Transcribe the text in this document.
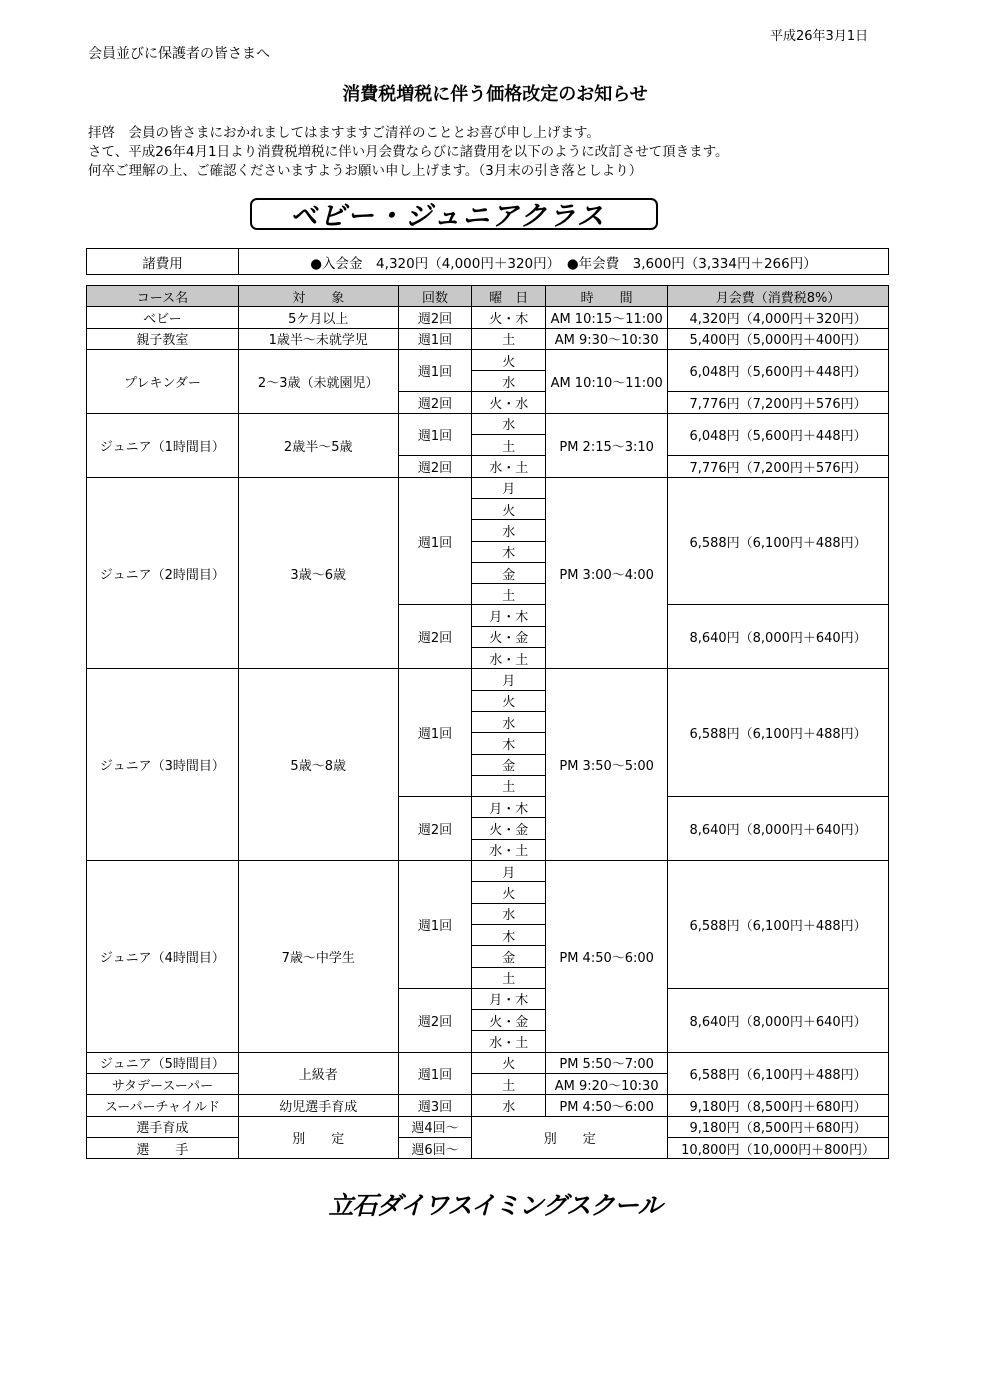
平成26年3月1日
会員並びに保護者の皆さまへ
消費税増税に伴う価格改定のお知らせ
拝啓　会員の皆さまにおかれましてはますますご清祥のこととお喜び申し上げます。
さて、平成26年4月1日より消費税増税に伴い月会費ならびに諸費用を以下のように改訂させて頂きます。
何卒ご理解の上、ご確認くださいますようお願い申し上げます。（3月末の引き落としより）
ベビー・ジュニアクラス
諸費用	●入会金　4,320円（4,000円＋320円）　●年会費　3,600円（3,334円＋266円）
コース名	対　　象	回数	曜　日	時　　間	月会費（消費税8%）
ベビー	5ケ月以上	週2回	火・木	AM 10:15～11:00	4,320円（4,000円＋320円）
親子教室	1歳半～未就学児	週1回	土	AM 9:30～10:30	5,400円（5,000円＋400円）
プレキンダー	2～3歳（未就園児）	週1回	火	AM 10:10～11:00	6,048円（5,600円＋448円）
			水		
		週2回	火・水		7,776円（7,200円＋576円）
ジュニア（1時間目）	2歳半～5歳	週1回	水	PM 2:15～3:10	6,048円（5,600円＋448円）
			土		
		週2回	水・土		7,776円（7,200円＋576円）
ジュニア（2時間目）	3歳～6歳	週1回	月	PM 3:00～4:00	6,588円（6,100円＋488円）
			火		
			水		
			木		
			金		
			土		
		週2回	月・木		8,640円（8,000円＋640円）
			火・金		
			水・土		
ジュニア（3時間目）	5歳～8歳	週1回	月	PM 3:50～5:00	6,588円（6,100円＋488円）
			火		
			水		
			木		
			金		
			土		
		週2回	月・木		8,640円（8,000円＋640円）
			火・金		
			水・土		
ジュニア（4時間目）	7歳～中学生	週1回	月	PM 4:50～6:00	6,588円（6,100円＋488円）
			火		
			水		
			木		
			金		
			土		
		週2回	月・木		8,640円（8,000円＋640円）
			火・金		
			水・土		
ジュニア（5時間目）	上級者	週1回	火	PM 5:50～7:00	6,588円（6,100円＋488円）
サタデースーパー			土	AM 9:20～10:30	
スーパーチャイルド	幼児選手育成	週3回	水	PM 4:50～6:00	9,180円（8,500円＋680円）
選手育成	別　　定	週4回～	別　　定		9,180円（8,500円＋680円）
選　　手		週6回～			10,800円（10,000円＋800円）
立石ダイワスイミングスクール
